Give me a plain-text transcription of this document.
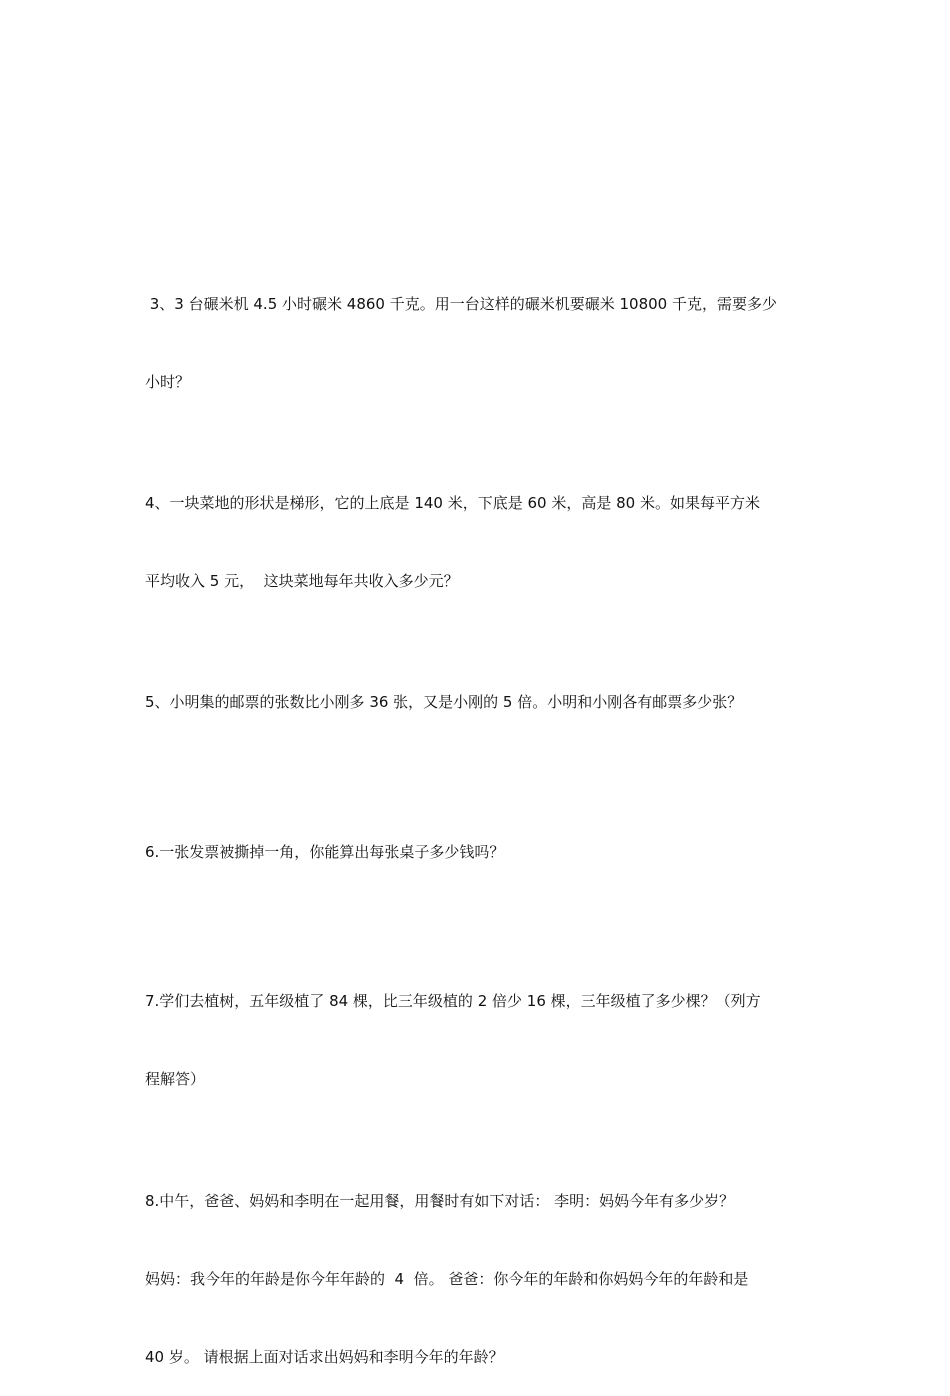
3、3 台碾米机 4.5 小时碾米 4860 千克。用一台这样的碾米机要碾米 10800 千克，需要多少

小时？

4、一块菜地的形状是梯形，它的上底是 140 米，下底是 60 米，高是 80 米。如果每平方米

平均收入 5 元，  这块菜地每年共收入多少元？

5、小明集的邮票的张数比小刚多 36 张，又是小刚的 5 倍。小明和小刚各有邮票多少张？

6.一张发票被撕掉一角，你能算出每张桌子多少钱吗？

7.学们去植树，五年级植了 84 棵，比三年级植的 2 倍少 16 棵，三年级植了多少棵？（列方

程解答）

8.中午，爸爸、妈妈和李明在一起用餐，用餐时有如下对话： 李明：妈妈今年有多少岁？

妈妈：我今年的年龄是你今年年龄的  4  倍。 爸爸：你今年的年龄和你妈妈今年的年龄和是

40 岁。 请根据上面对话求出妈妈和李明今年的年龄？
